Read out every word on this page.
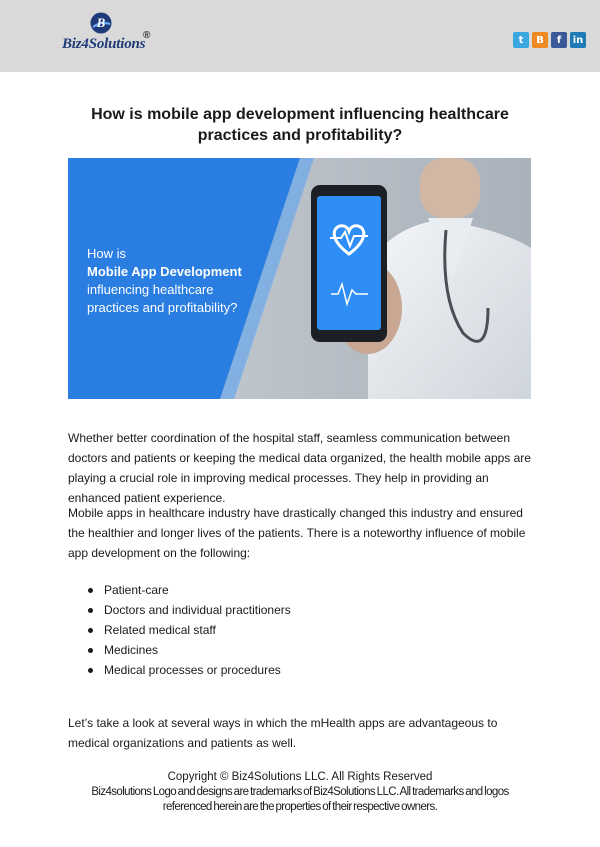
B
Biz4Solutions
®	t	B	f	in
How is mobile app development influencing healthcare practices and profitability?
How is
Mobile App Development
influencing healthcare
practices and profitability?

Whether better coordination of the hospital staff, seamless communication between doctors and patients or keeping the medical data organized, the health mobile apps are playing a crucial role in improving medical processes. They help in providing an enhanced patient experience.

Mobile apps in healthcare industry have drastically changed this industry and ensured the healthier and longer lives of the patients. There is a noteworthy influence of mobile app development on the following:

Patient-care
Doctors and individual practitioners
Related medical staff
Medicines
Medical processes or procedures

Let’s take a look at several ways in which the mHealth apps are advantageous to medical organizations and patients as well.

Copyright © Biz4Solutions LLC. All Rights Reserved
Biz4solutions Logo and designs are trademarks of Biz4Solutions LLC. All trademarks and logos
referenced herein are the properties of their respective owners.
